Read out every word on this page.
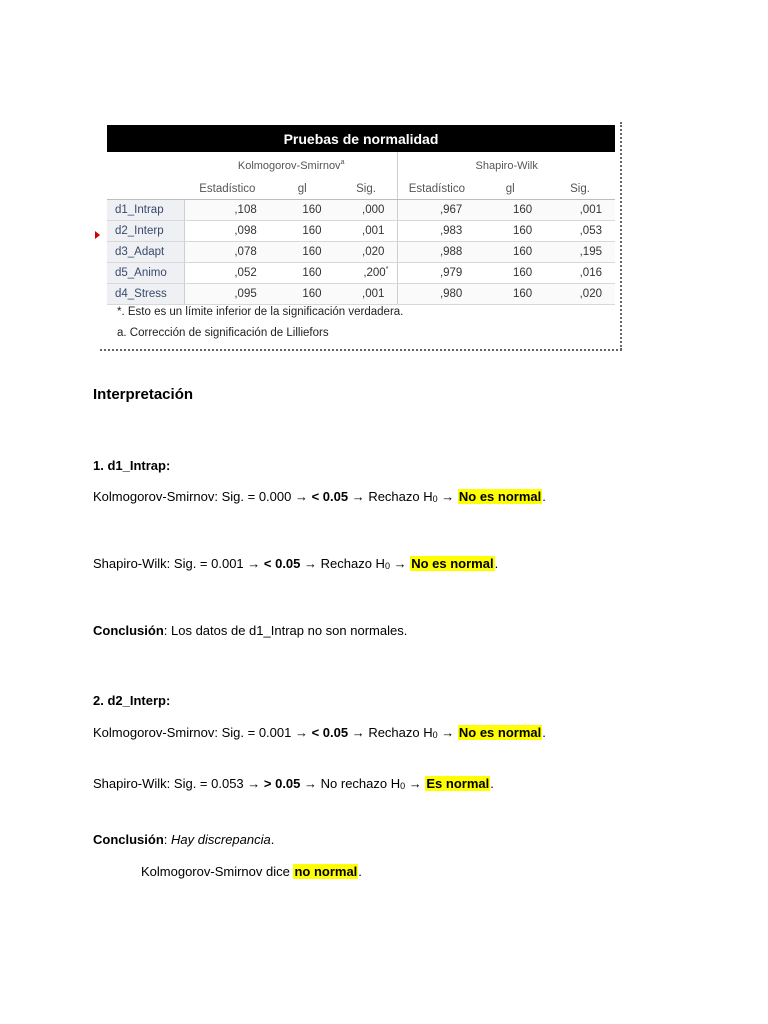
Pruebas de normalidad						
	Kolmogorov-Smirnov$^a$			Shapiro-Wilk		
	Estadístico	gl	Sig.	Estadístico	gl	Sig.
d1_Intrap	,108	160	,000	,967	160	,001
d2_Interp	,098	160	,001	,983	160	,053
d3_Adapt	,078	160	,020	,988	160	,195
d5_Animo	,052	160	,200*	,979	160	,016
d4_Stress	,095	160	,001	,980	160	,020
*. Esto es un límite inferior de la significación verdadera.
a. Corrección de significación de Lilliefors
Interpretación
1. d1_Intrap:
Kolmogorov-Smirnov: Sig. = 0.000 → < 0.05 → Rechazo H0 → No es normal.
Shapiro-Wilk: Sig. = 0.001 → < 0.05 → Rechazo H0 → No es normal.
Conclusión: Los datos de d1_Intrap no son normales.
2. d2_Interp:
Kolmogorov-Smirnov: Sig. = 0.001 → < 0.05 → Rechazo H0 → No es normal.
Shapiro-Wilk: Sig. = 0.053 → > 0.05 → No rechazo H0 → Es normal.
Conclusión: Hay discrepancia.
Kolmogorov-Smirnov dice no normal.
